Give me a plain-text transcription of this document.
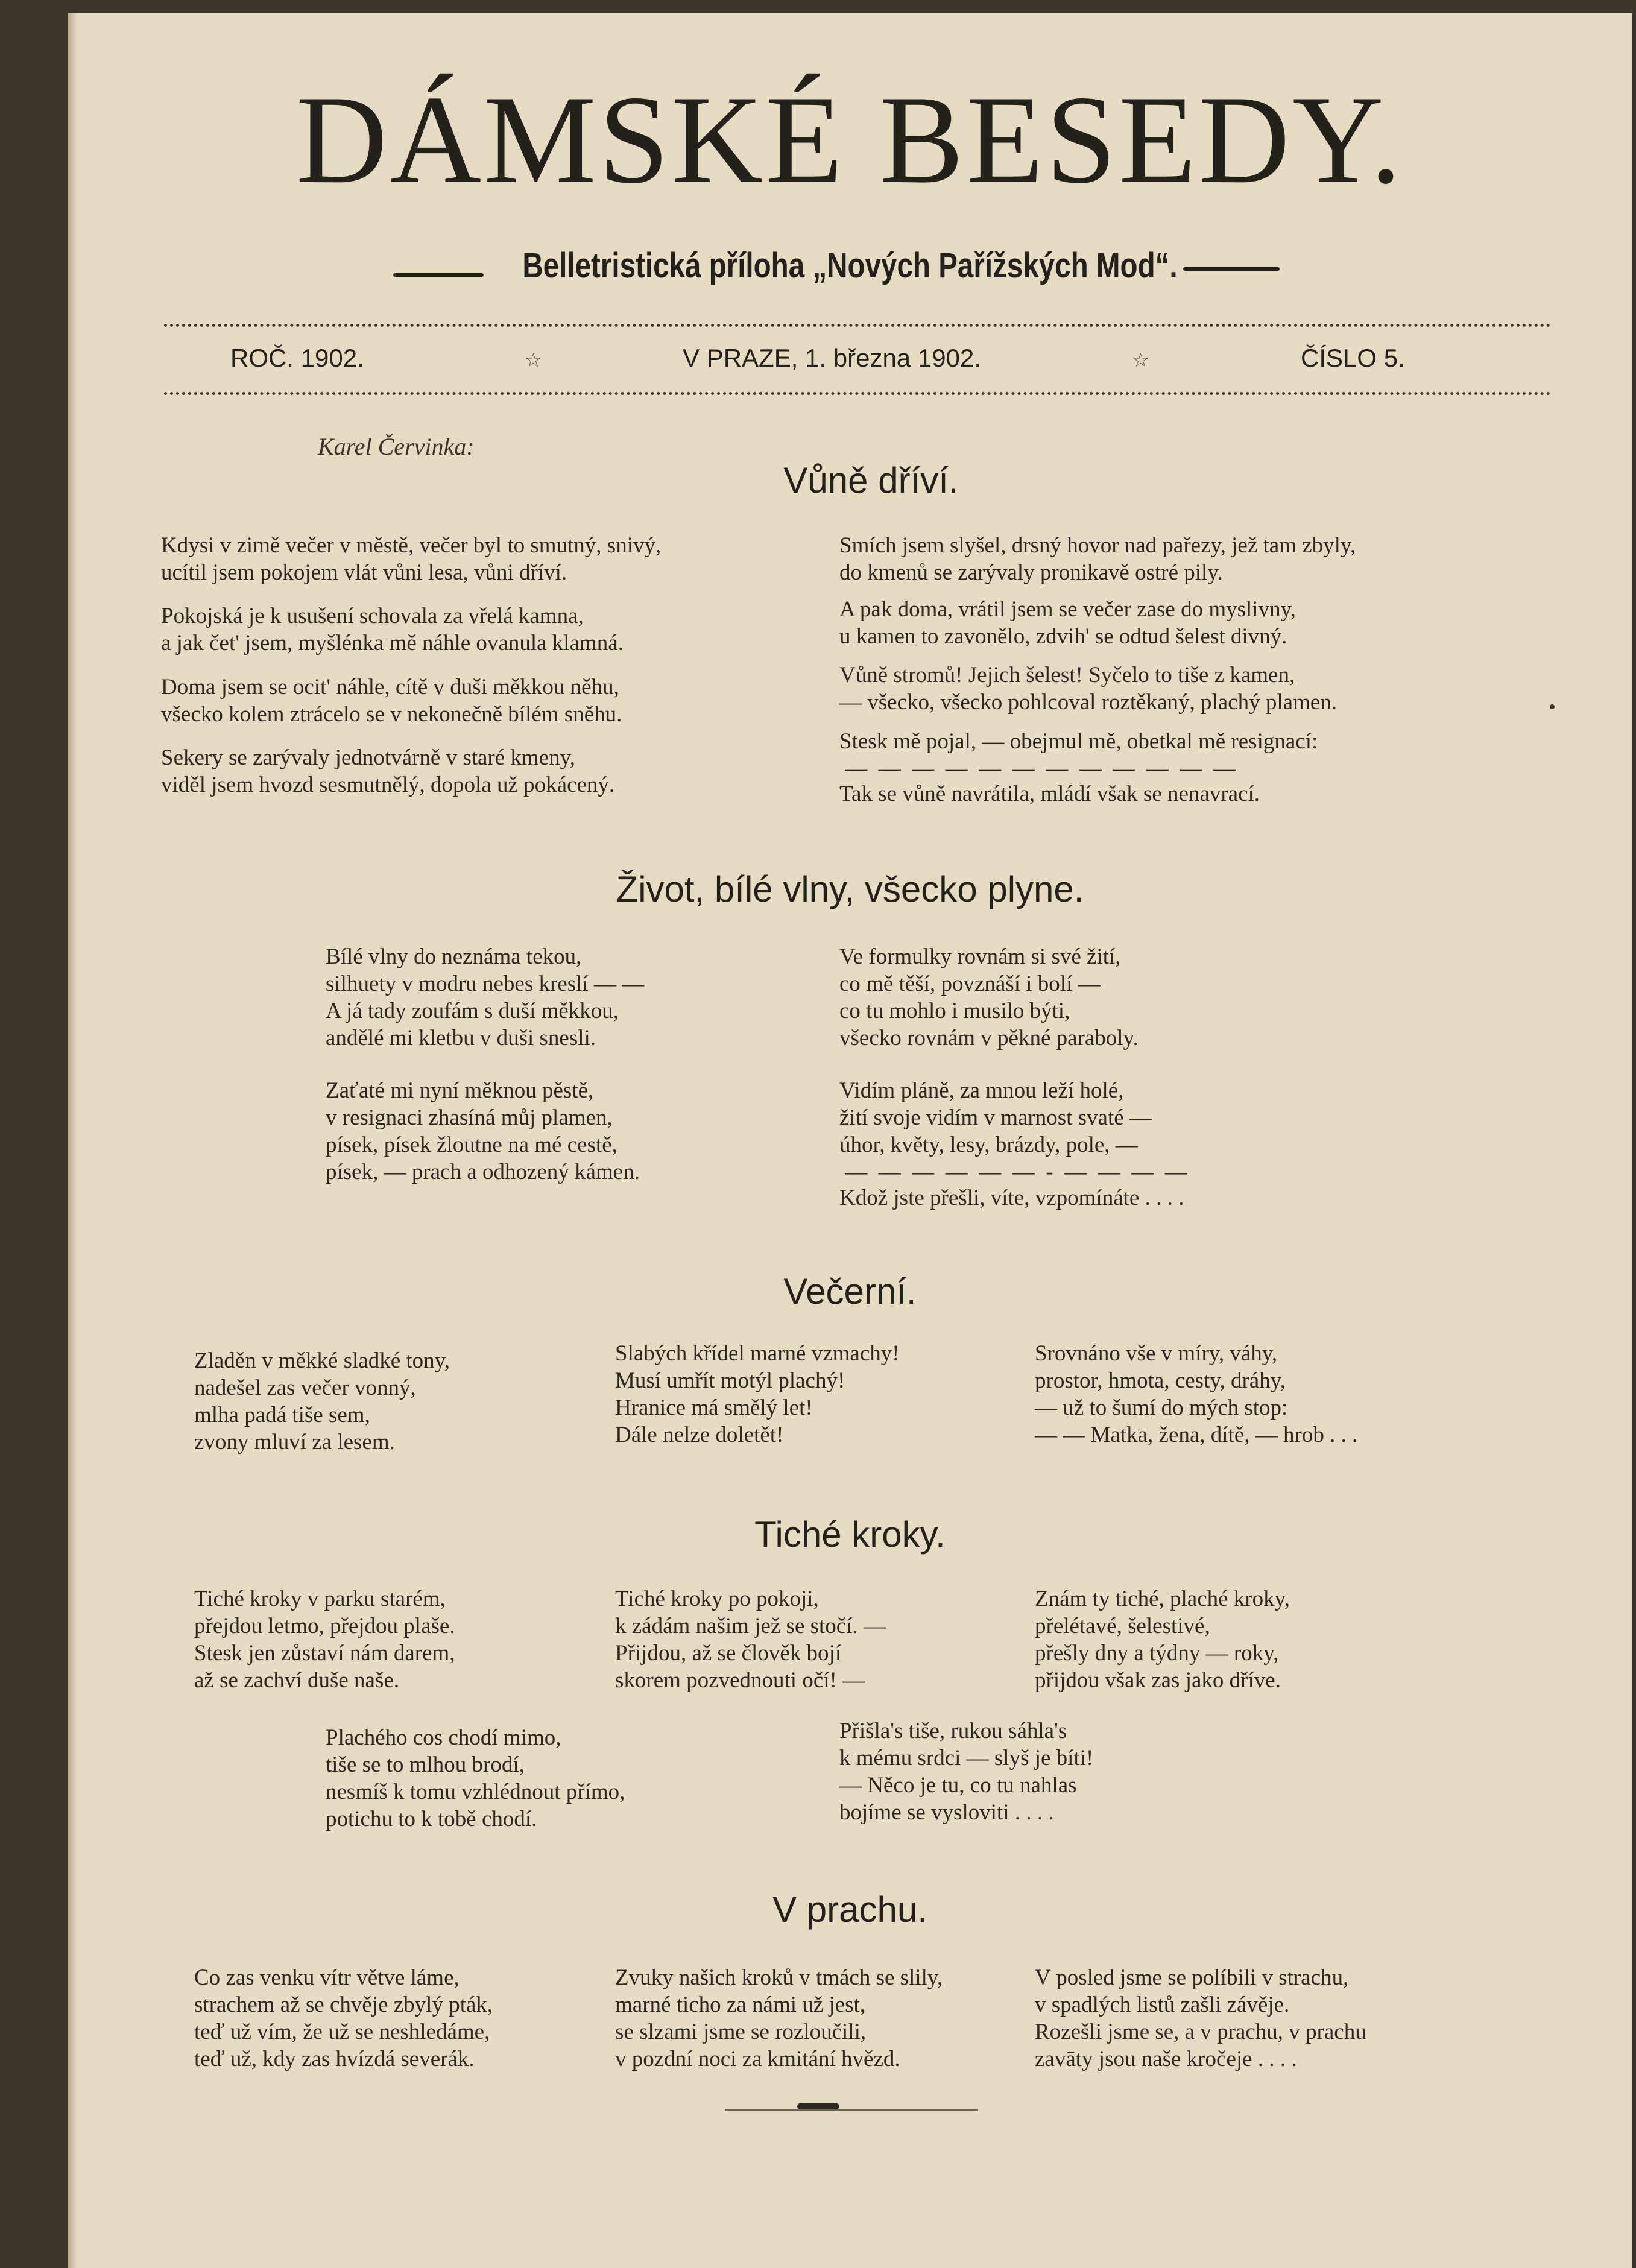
DÁMSKÉ BESEDY.
Belletristická příloha „Nových Pařížských Mod“.
ROČ. 1902.	☆	V PRAZE, 1. března 1902.	☆	ČÍSLO 5.
Karel Červinka:
Vůně dříví.
Kdysi v zimě večer v městě, večer byl to smutný, snivý,
ucítil jsem pokojem vlát vůni lesa, vůni dříví.
Pokojská je k usušení schovala za vřelá kamna,
a jak čet' jsem, myšlénka mě náhle ovanula klamná.
Doma jsem se ocit' náhle, cítě v duši měkkou něhu,
všecko kolem ztrácelo se v nekonečně bílém sněhu.
Sekery se zarývaly jednotvárně v staré kmeny,
viděl jsem hvozd sesmutnělý, dopola už pokácený.
Smích jsem slyšel, drsný hovor nad pařezy, jež tam zbyly,
do kmenů se zarývaly pronikavě ostré pily.
A pak doma, vrátil jsem se večer zase do myslivny,
u kamen to zavonělo, zdvih' se odtud šelest divný.
Vůně stromů! Jejich šelest! Syčelo to tiše z kamen,
— všecko, všecko pohlcoval roztěkaný, plachý plamen.
Stesk mě pojal, — obejmul mě, obetkal mě resignací:
—  —  —  —  —  —  —  —  —  —  —  —
Tak se vůně navrátila, mládí však se nenavrací.
Život, bílé vlny, všecko plyne.
Bílé vlny do neznáma tekou,
silhuety v modru nebes kreslí — —
A já tady zoufám s duší měkkou,
andělé mi kletbu v duši snesli.
Zaťaté mi nyní měknou pěstě,
v resignaci zhasíná můj plamen,
písek, písek žloutne na mé cestě,
písek, — prach a odhozený kámen.
Ve formulky rovnám si své žití,
co mě těší, povznáší i bolí —
co tu mohlo i musilo býti,
všecko rovnám v pěkné paraboly.
Vidím pláně, za mnou leží holé,
žití svoje vidím v marnost svaté —
úhor, květy, lesy, brázdy, pole, —
—  —  —  —  —  —  -  —  —  —  —
Kdož jste přešli, víte, vzpomínáte . . . .
Večerní.
Zladěn v měkké sladké tony,
nadešel zas večer vonný,
mlha padá tiše sem,
zvony mluví za lesem.
Slabých křídel marné vzmachy!
Musí umřít motýl plachý!
Hranice má smělý let!
Dále nelze doletět!
Srovnáno vše v míry, váhy,
prostor, hmota, cesty, dráhy,
— už to šumí do mých stop:
— — Matka, žena, dítě, — hrob . . .
Tiché kroky.
Tiché kroky v parku starém,
přejdou letmo, přejdou plaše.
Stesk jen zůstaví nám darem,
až se zachví duše naše.
Tiché kroky po pokoji,
k zádám našim jež se stočí. —
Přijdou, až se člověk bojí
skorem pozvednouti očí! —
Znám ty tiché, plaché kroky,
přelétavé, šelestivé,
přešly dny a týdny — roky,
přijdou však zas jako dříve.
Plachého cos chodí mimo,
tiše se to mlhou brodí,
nesmíš k tomu vzhlédnout přímo,
potichu to k tobě chodí.
Přišla's tiše, rukou sáhla's
k mému srdci — slyš je bíti!
— Něco je tu, co tu nahlas
bojíme se vysloviti . . . .
V prachu.
Co zas venku vítr větve láme,
strachem až se chvěje zbylý pták,
teď už vím, že už se neshledáme,
teď už, kdy zas hvízdá severák.
Zvuky našich kroků v tmách se slily,
marné ticho za námi už jest,
se slzami jsme se rozloučili,
v pozdní noci za kmitání hvězd.
V posled jsme se políbili v strachu,
v spadlých listů zašli závěje.
Rozešli jsme se, a v prachu, v prachu
zavāty jsou naše kročeje . . . .
